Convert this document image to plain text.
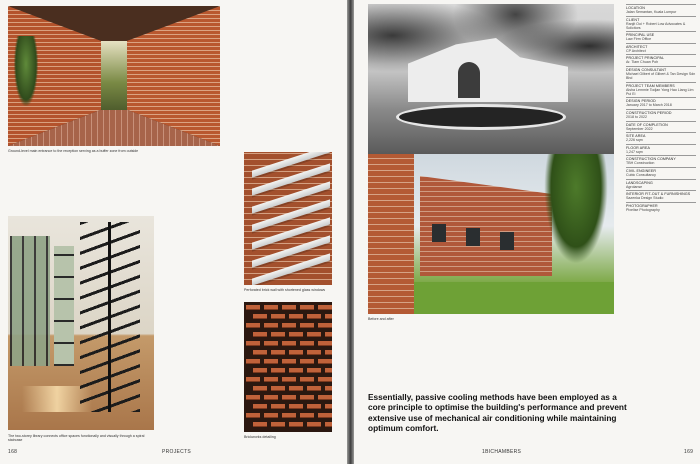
Ground-level main entrance to the reception serving as a buffer zone from outside
The two-storey library connects office spaces functionally and visually through a spiral staircase
Perforated brick wall with shortened glass windows
Brickworks detailing
168	PROJECTS
Before and after
Essentially, passive cooling methods have been employed as a core principle to optimise the building's performance and prevent extensive use of mechanical air conditioning while maintaining optimum comfort.
LOCATION
Jalan Semantan, Kuala Lumpur
CLIENT
Ranjit Ooi + Robert Low Advocates & Solicitors
PRINCIPAL USE
Law Firm Office
ARCHITECT
CP Architect
PROJECT PRINCIPAL
Ar. Tiam Chuan Poh
DESIGN CONSULTANT
Michael Gilbert of Gilbert & Tan Design Sdn Bhd
PROJECT TEAM MEMBERS
Aisha Lemmie Todjan Yong Hao Liang Lim Pui Ei
DESIGN PERIOD
January 2017 to March 2018
CONSTRUCTION PERIOD
2018 to 2022
DATE OF COMPLETION
September 2022
SITE AREA
2,226 sqm
FLOOR AREA
1,247 sqm
CONSTRUCTION COMPANY
TBH Construction
CIVIL ENGINEER
Cubic Consultancy
LANDSCAPING
Agrolanse
INTERIOR FIT-OUT & FURNISHINGS
Sazenka Design Studio
PHOTOGRAPHER
Pixelise Photography
1BICHAMBERS	169
